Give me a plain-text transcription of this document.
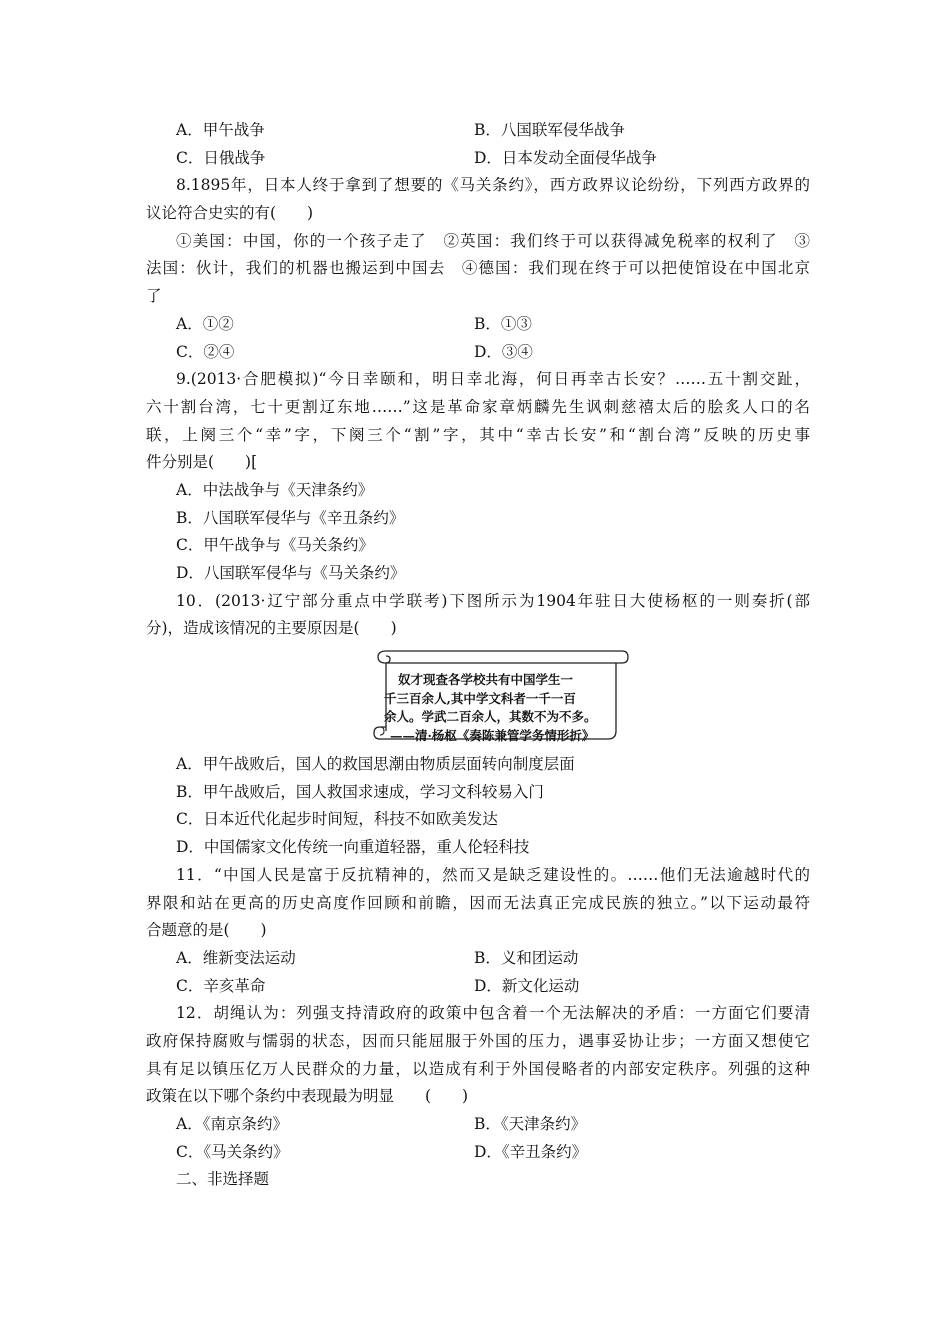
A．甲午战争	B．八国联军侵华战争
C．日俄战争	D．日本发动全面侵华战争
8.1895年，日本人终于拿到了想要的《马关条约》，西方政界议论纷纷，下列西方政界的
议论符合史实的有(　　)
①美国：中国，你的一个孩子走了　②英国：我们终于可以获得减免税率的权利了　③
法国：伙计，我们的机器也搬运到中国去　④德国：我们现在终于可以把使馆设在中国北京
了
A．①②	B．①③
C．②④	D．③④
9.(2013·合肥模拟)“今日幸颐和，明日幸北海，何日再幸古长安？……五十割交趾，
六十割台湾，七十更割辽东地……”这是革命家章炳麟先生讽刺慈禧太后的脍炙人口的名
联，上阕三个“幸”字，下阕三个“割”字，其中“幸古长安”和“割台湾”反映的历史事
件分别是(　　)[
A．中法战争与《天津条约》
B．八国联军侵华与《辛丑条约》
C．甲午战争与《马关条约》
D．八国联军侵华与《马关条约》
10．(2013·辽宁部分重点中学联考)下图所示为1904年驻日大使杨枢的一则奏折(部
分)，造成该情况的主要原因是(　　)
奴才现查各学校共有中国学生一
千三百余人,其中学文科者一千一百
余人。学武二百余人，其数不为不多。
——清·杨枢《奏陈兼管学务情形折》
A．甲午战败后，国人的救国思潮由物质层面转向制度层面
B．甲午战败后，国人救国求速成，学习文科较易入门
C．日本近代化起步时间短，科技不如欧美发达
D．中国儒家文化传统一向重道轻器，重人伦轻科技
11．“中国人民是富于反抗精神的，然而又是缺乏建设性的。……他们无法逾越时代的
界限和站在更高的历史高度作回顾和前瞻，因而无法真正完成民族的独立。”以下运动最符
合题意的是(　　)
A．维新变法运动	B．义和团运动
C．辛亥革命	D．新文化运动
12．胡绳认为：列强支持清政府的政策中包含着一个无法解决的矛盾：一方面它们要清
政府保持腐败与懦弱的状态，因而只能屈服于外国的压力，遇事妥协让步；一方面又想使它
具有足以镇压亿万人民群众的力量，以造成有利于外国侵略者的内部安定秩序。列强的这种
政策在以下哪个条约中表现最为明显　　(　　)
A．《南京条约》	B．《天津条约》
C．《马关条约》	D．《辛丑条约》
二、非选择题
